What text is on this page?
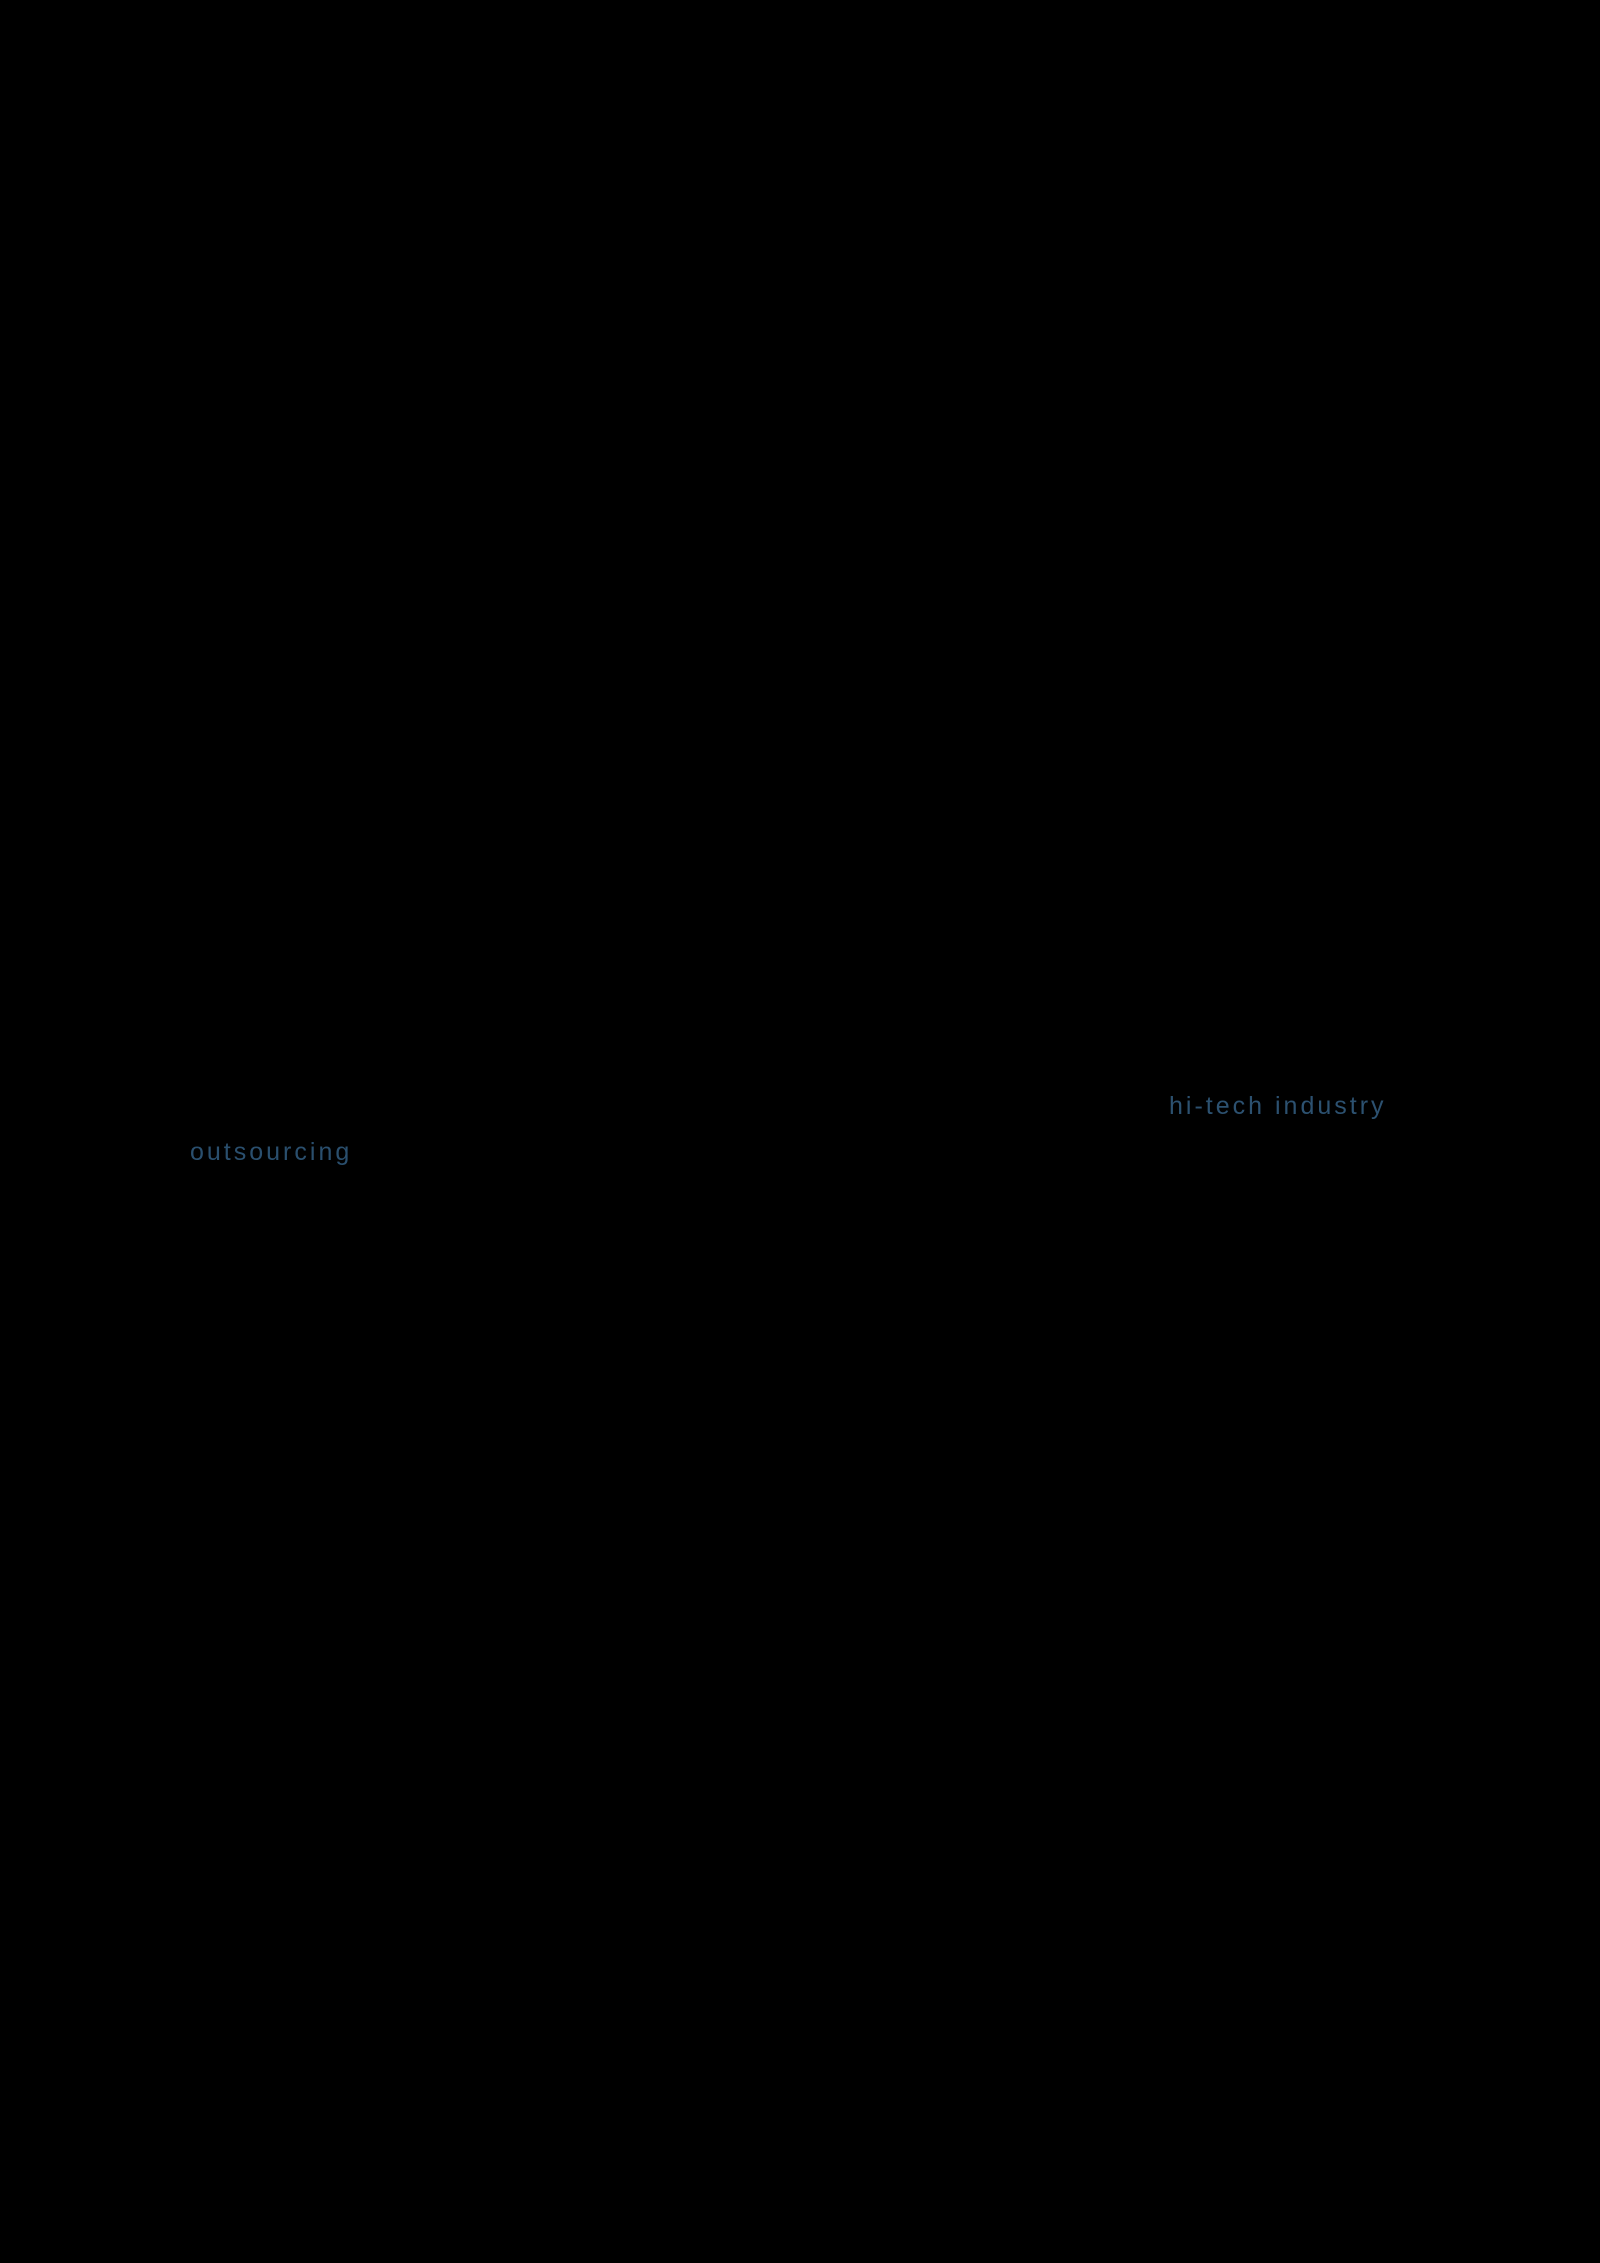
hi-tech industry
outsourcing
